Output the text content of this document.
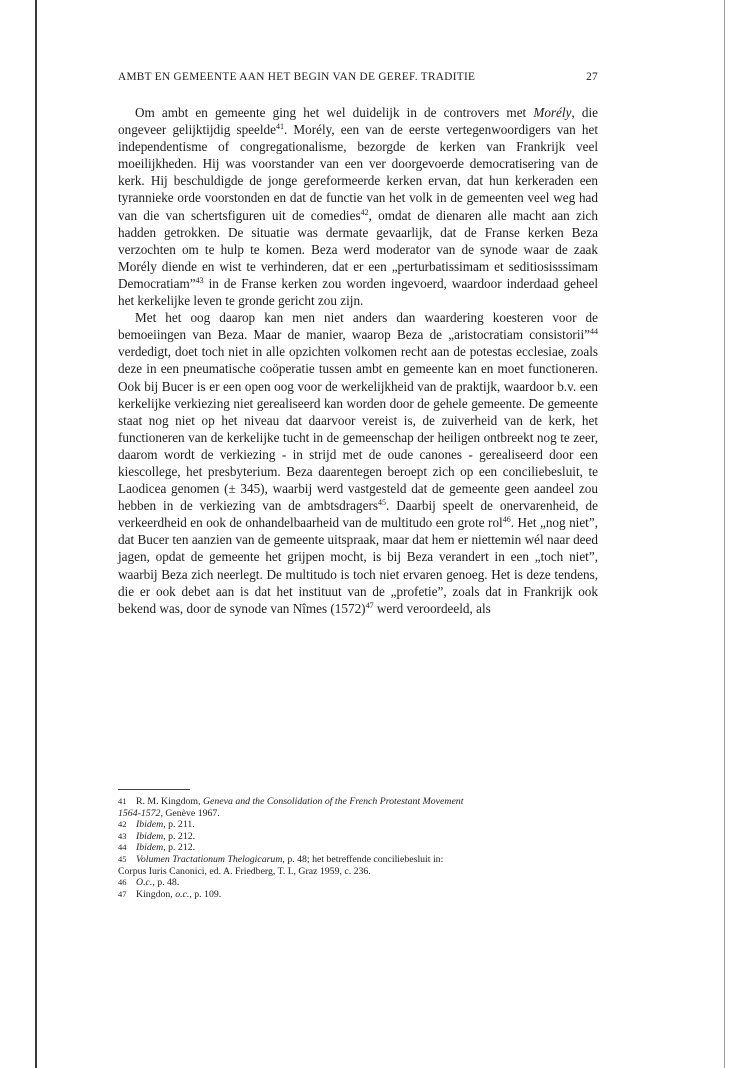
AMBT EN GEMEENTE AAN HET BEGIN VAN DE GEREF. TRADITIE	27

Om ambt en gemeente ging het wel duidelijk in de controvers met Morély, die ongeveer gelijktijdig speelde$^{41}$. Morély, een van de eerste vertegenwoordigers van het independentisme of congregationalisme, bezorgde de kerken van Frankrijk veel moeilijkheden. Hij was voorstander van een ver doorgevoerde democratisering van de kerk. Hij beschuldigde de jonge gereformeerde kerken ervan, dat hun kerkeraden een tyrannieke orde voorstonden en dat de functie van het volk in de gemeenten veel weg had van die van schertsfiguren uit de comedies$^{42}$, omdat de dienaren alle macht aan zich hadden getrokken. De situatie was dermate gevaarlijk, dat de Franse kerken Beza verzochten om te hulp te komen. Beza werd moderator van de synode waar de zaak Morély diende en wist te verhinderen, dat er een „perturbatissimam et seditiosisssimam Democratiam”$^{43}$ in de Franse kerken zou worden ingevoerd, waardoor inderdaad geheel het kerkelijke leven te gronde gericht zou zijn.

Met het oog daarop kan men niet anders dan waardering koesteren voor de bemoeiingen van Beza. Maar de manier, waarop Beza de „aristocratiam consistorii”$^{44}$ verdedigt, doet toch niet in alle opzichten volkomen recht aan de potestas ecclesiae, zoals deze in een pneumatische coöperatie tussen ambt en gemeente kan en moet functioneren. Ook bij Bucer is er een open oog voor de werkelijkheid van de praktijk, waardoor b.v. een kerkelijke verkiezing niet gerealiseerd kan worden door de gehele gemeente. De gemeente staat nog niet op het niveau dat daarvoor vereist is, de zuiverheid van de kerk, het functioneren van de kerkelijke tucht in de gemeenschap der heiligen ontbreekt nog te zeer, daarom wordt de verkiezing - in strijd met de oude canones - gerealiseerd door een kiescollege, het presbyterium. Beza daarentegen beroept zich op een conciliebesluit, te Laodicea genomen (± 345), waarbij werd vastgesteld dat de gemeente geen aandeel zou hebben in de verkiezing van de ambtsdragers$^{45}$. Daarbij speelt de onervarenheid, de verkeerdheid en ook de onhandelbaarheid van de multitudo een grote rol$^{46}$. Het „nog niet”, dat Bucer ten aanzien van de gemeente uitspraak, maar dat hem er niettemin wél naar deed jagen, opdat de gemeente het grijpen mocht, is bij Beza verandert in een „toch niet”, waarbij Beza zich neerlegt. De multitudo is toch niet ervaren genoeg. Het is deze tendens, die er ook debet aan is dat het instituut van de „profetie”, zoals dat in Frankrijk ook bekend was, door de synode van Nîmes $(1572)^{47}$ werd veroordeeld, als

41 R. M. Kingdom, Geneva and the Consolidation of the French Protestant Movement
1564-1572, Genève 1967.
42 Ibidem, p. 211.
43 Ibidem, p. 212.
44 Ibidem, p. 212.
45 Volumen Tractationum Thelogicarum, p. 48; het betreffende conciliebesluit in:
Corpus Iuris Canonici, ed. A. Friedberg, T. I., Graz 1959, c. 236.
46 O.c., p. 48.
47 Kingdon, o.c., p. 109.
